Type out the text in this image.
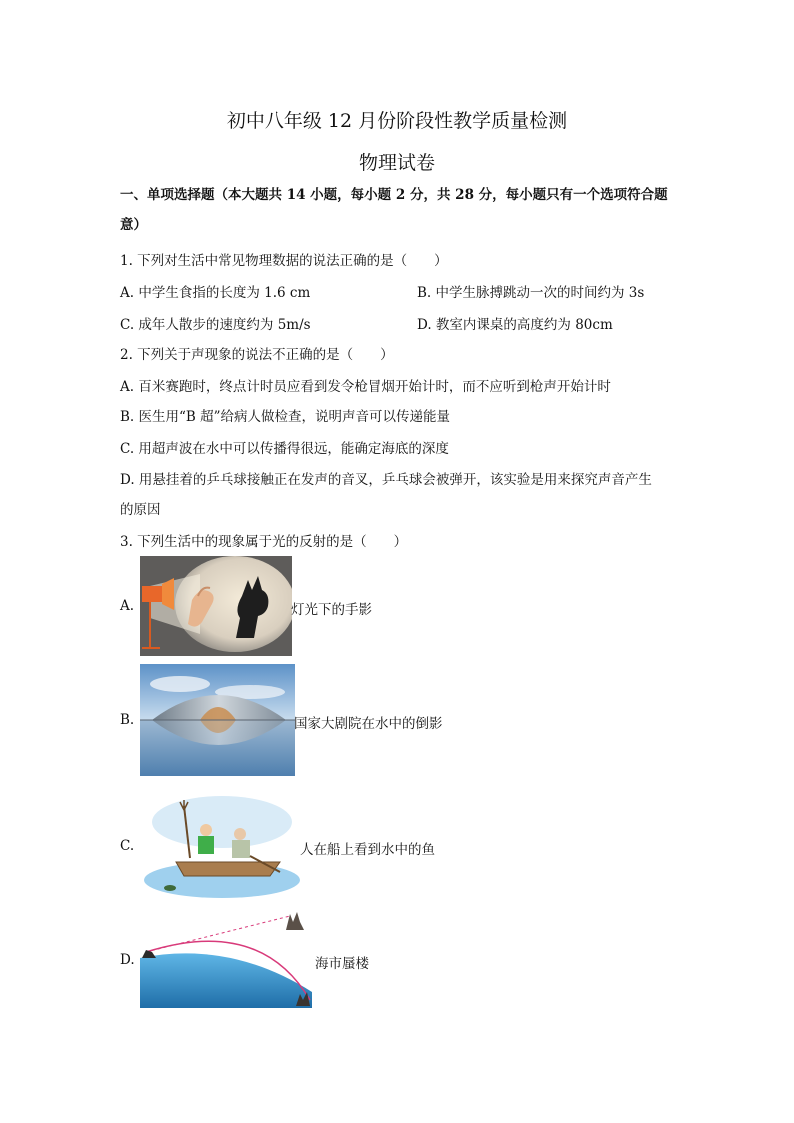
初中八年级 12 月份阶段性教学质量检测
物理试卷
一、单项选择题（本大题共 14 小题，每小题 2 分，共 28 分，每小题只有一个选项符合题
意）
1. 下列对生活中常见物理数据的说法正确的是（　　）
A. 中学生食指的长度为 1.6 cm	B. 中学生脉搏跳动一次的时间约为 3s
C. 成年人散步的速度约为 5m/s	D. 教室内课桌的高度约为 80cm
2. 下列关于声现象的说法不正确的是（　　）
A. 百米赛跑时，终点计时员应看到发令枪冒烟开始计时，而不应听到枪声开始计时
B. 医生用“B 超”给病人做检查，说明声音可以传递能量
C. 用超声波在水中可以传播得很远，能确定海底的深度
D. 用悬挂着的乒乓球接触正在发声的音叉，乒乓球会被弹开，该实验是用来探究声音产生
的原因
3. 下列生活中的现象属于光的反射的是（　　）
A.	灯光下的手影
B.	国家大剧院在水中的倒影
C.	人在船上看到水中的鱼
D.	海市蜃楼
